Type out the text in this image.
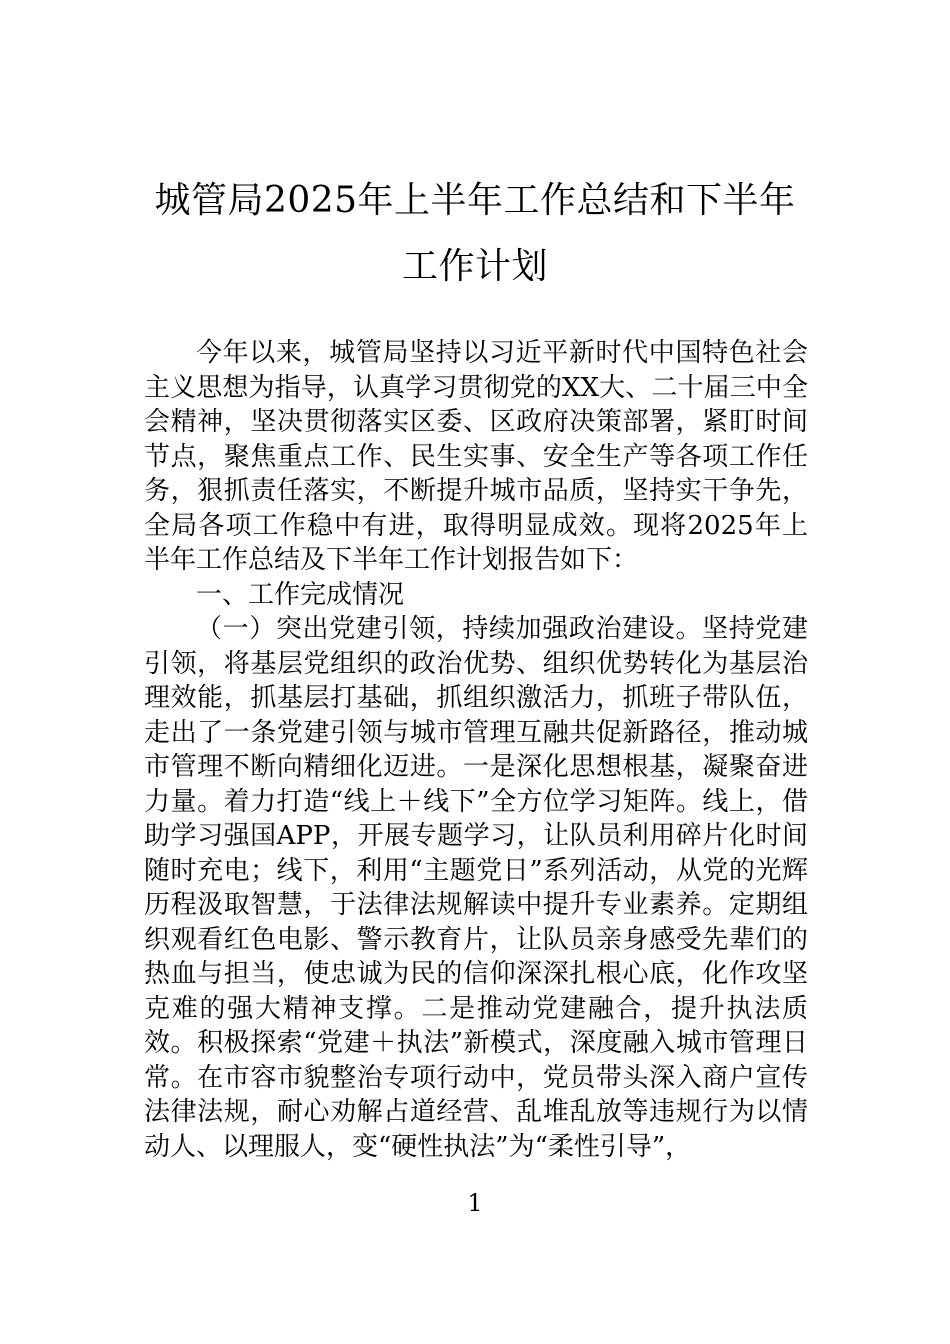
城管局2025年上半年工作总结和下半年工作计划

今年以来，城管局坚持以习近平新时代中国特色社会主义思想为指导，认真学习贯彻党的XX大、二十届三中全会精神，坚决贯彻落实区委、区政府决策部署，紧盯时间节点，聚焦重点工作、民生实事、安全生产等各项工作任务，狠抓责任落实，不断提升城市品质，坚持实干争先，全局各项工作稳中有进，取得明显成效。现将2025年上半年工作总结及下半年工作计划报告如下：

一、工作完成情况

（一）突出党建引领，持续加强政治建设。坚持党建引领，将基层党组织的政治优势、组织优势转化为基层治理效能，抓基层打基础，抓组织激活力，抓班子带队伍，走出了一条党建引领与城市管理互融共促新路径，推动城市管理不断向精细化迈进。一是深化思想根基，凝聚奋进力量。着力打造“线上＋线下”全方位学习矩阵。线上，借助学习强国APP，开展专题学习，让队员利用碎片化时间随时充电；线下，利用“主题党日”系列活动，从党的光辉历程汲取智慧，于法律法规解读中提升专业素养。定期组织观看红色电影、警示教育片，让队员亲身感受先辈们的热血与担当，使忠诚为民的信仰深深扎根心底，化作攻坚克难的强大精神支撑。二是推动党建融合，提升执法质效。积极探索“党建＋执法”新模式，深度融入城市管理日常。在市容市貌整治专项行动中，党员带头深入商户宣传法律法规，耐心劝解占道经营、乱堆乱放等违规行为以情动人、以理服人，变“硬性执法”为“柔性引导”，

1
